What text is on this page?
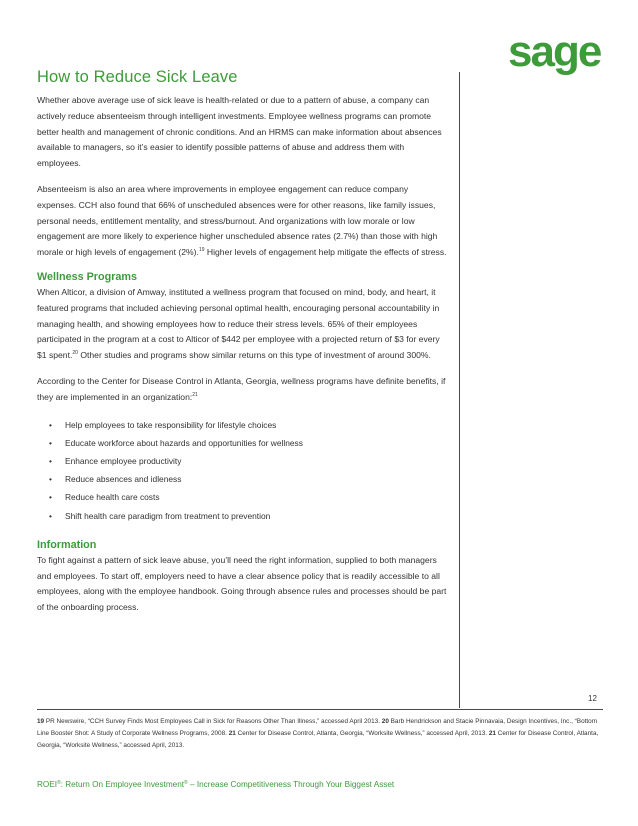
sage
How to Reduce Sick Leave

Whether above average use of sick leave is health-related or due to a pattern of abuse, a company can actively reduce absenteeism through intelligent investments. Employee wellness programs can promote better health and management of chronic conditions. And an HRMS can make information about absences available to managers, so it’s easier to identify possible patterns of abuse and address them with employees.

Absenteeism is also an area where improvements in employee engagement can reduce company expenses. CCH also found that 66% of unscheduled absences were for other reasons, like family issues, personal needs, entitlement mentality, and stress/burnout. And organizations with low morale or low engagement are more likely to experience higher unscheduled absence rates (2.7%) than those with high morale or high levels of engagement (2%).$^{19}$ Higher levels of engagement help mitigate the effects of stress.

Wellness Programs

When Alticor, a division of Amway, instituted a wellness program that focused on mind, body, and heart, it featured programs that included achieving personal optimal health, encouraging personal accountability in managing health, and showing employees how to reduce their stress levels. 65% of their employees participated in the program at a cost to Alticor of $442 per employee with a projected return of $3 for every $1 spent.$^{20}$ Other studies and programs show similar returns on this type of investment of around 300%.

According to the Center for Disease Control in Atlanta, Georgia, wellness programs have definite benefits, if they are implemented in an organization:$^{21}$

• Help employees to take responsibility for lifestyle choices
• Educate workforce about hazards and opportunities for wellness
• Enhance employee productivity
• Reduce absences and idleness
• Reduce health care costs
• Shift health care paradigm from treatment to prevention
Information

To fight against a pattern of sick leave abuse, you’ll need the right information, supplied to both managers and employees. To start off, employers need to have a clear absence policy that is readily accessible to all employees, along with the employee handbook. Going through absence rules and processes should be part of the onboarding process.

12
19 PR Newswire, “CCH Survey Finds Most Employees Call in Sick for Reasons Other Than Illness,” accessed April 2013. 20 Barb Hendrickson and Stacie Pinnavaia, Design Incentives, Inc., “Bottom Line Booster Shot: A Study of Corporate Wellness Programs, 2008. 21 Center for Disease Control, Atlanta, Georgia, “Worksite Wellness,” accessed April, 2013. 21 Center for Disease Control, Atlanta, Georgia, “Worksite Wellness,” accessed April, 2013.
ROEI®: Return On Employee Investment® – Increase Competitiveness Through Your Biggest Asset
